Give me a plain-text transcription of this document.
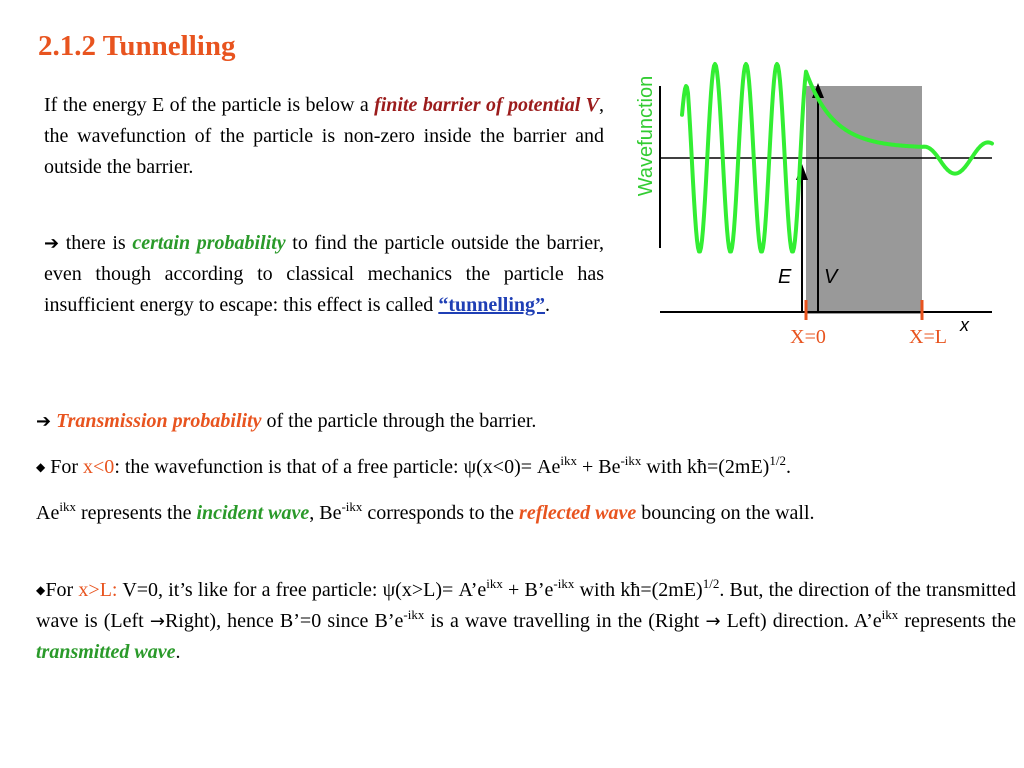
2.1.2 Tunnelling

If the energy E of the particle is below a finite barrier of potential V, the wavefunction of the particle is non-zero inside the barrier and outside the barrier.

➔ there is certain probability to find the particle outside the barrier, even though according to classical mechanics the particle has insufficient energy to escape: this effect is called “tunnelling”.

➔ Transmission probability of the particle through the barrier.

◆ For x<0: the wavefunction is that of a free particle: $\psi(x<0)= Ae^{ikx} + Be^{-ikx}$ with $kħ=(2mE)^{1/2}$.

$Ae^{ikx}$ represents the incident wave, $Be^{-ikx}$ corresponds to the reflected wave bouncing on the wall.

◆For x>L: V=0, it’s like for a free particle: $\psi(x>L)= A’e^{ikx}$ + $B’e^{-ikx}$ with $kħ=(2mE)^{1/2}$. But, the direction of the transmitted wave is (Left →Right), hence B’=0 since $B’e^{-ikx}$ is a wave travelling in the (Right → Left) direction. $A’e^{ikx}$ represents the transmitted wave.

Wavefunction
E V
x
X=0	X=L
